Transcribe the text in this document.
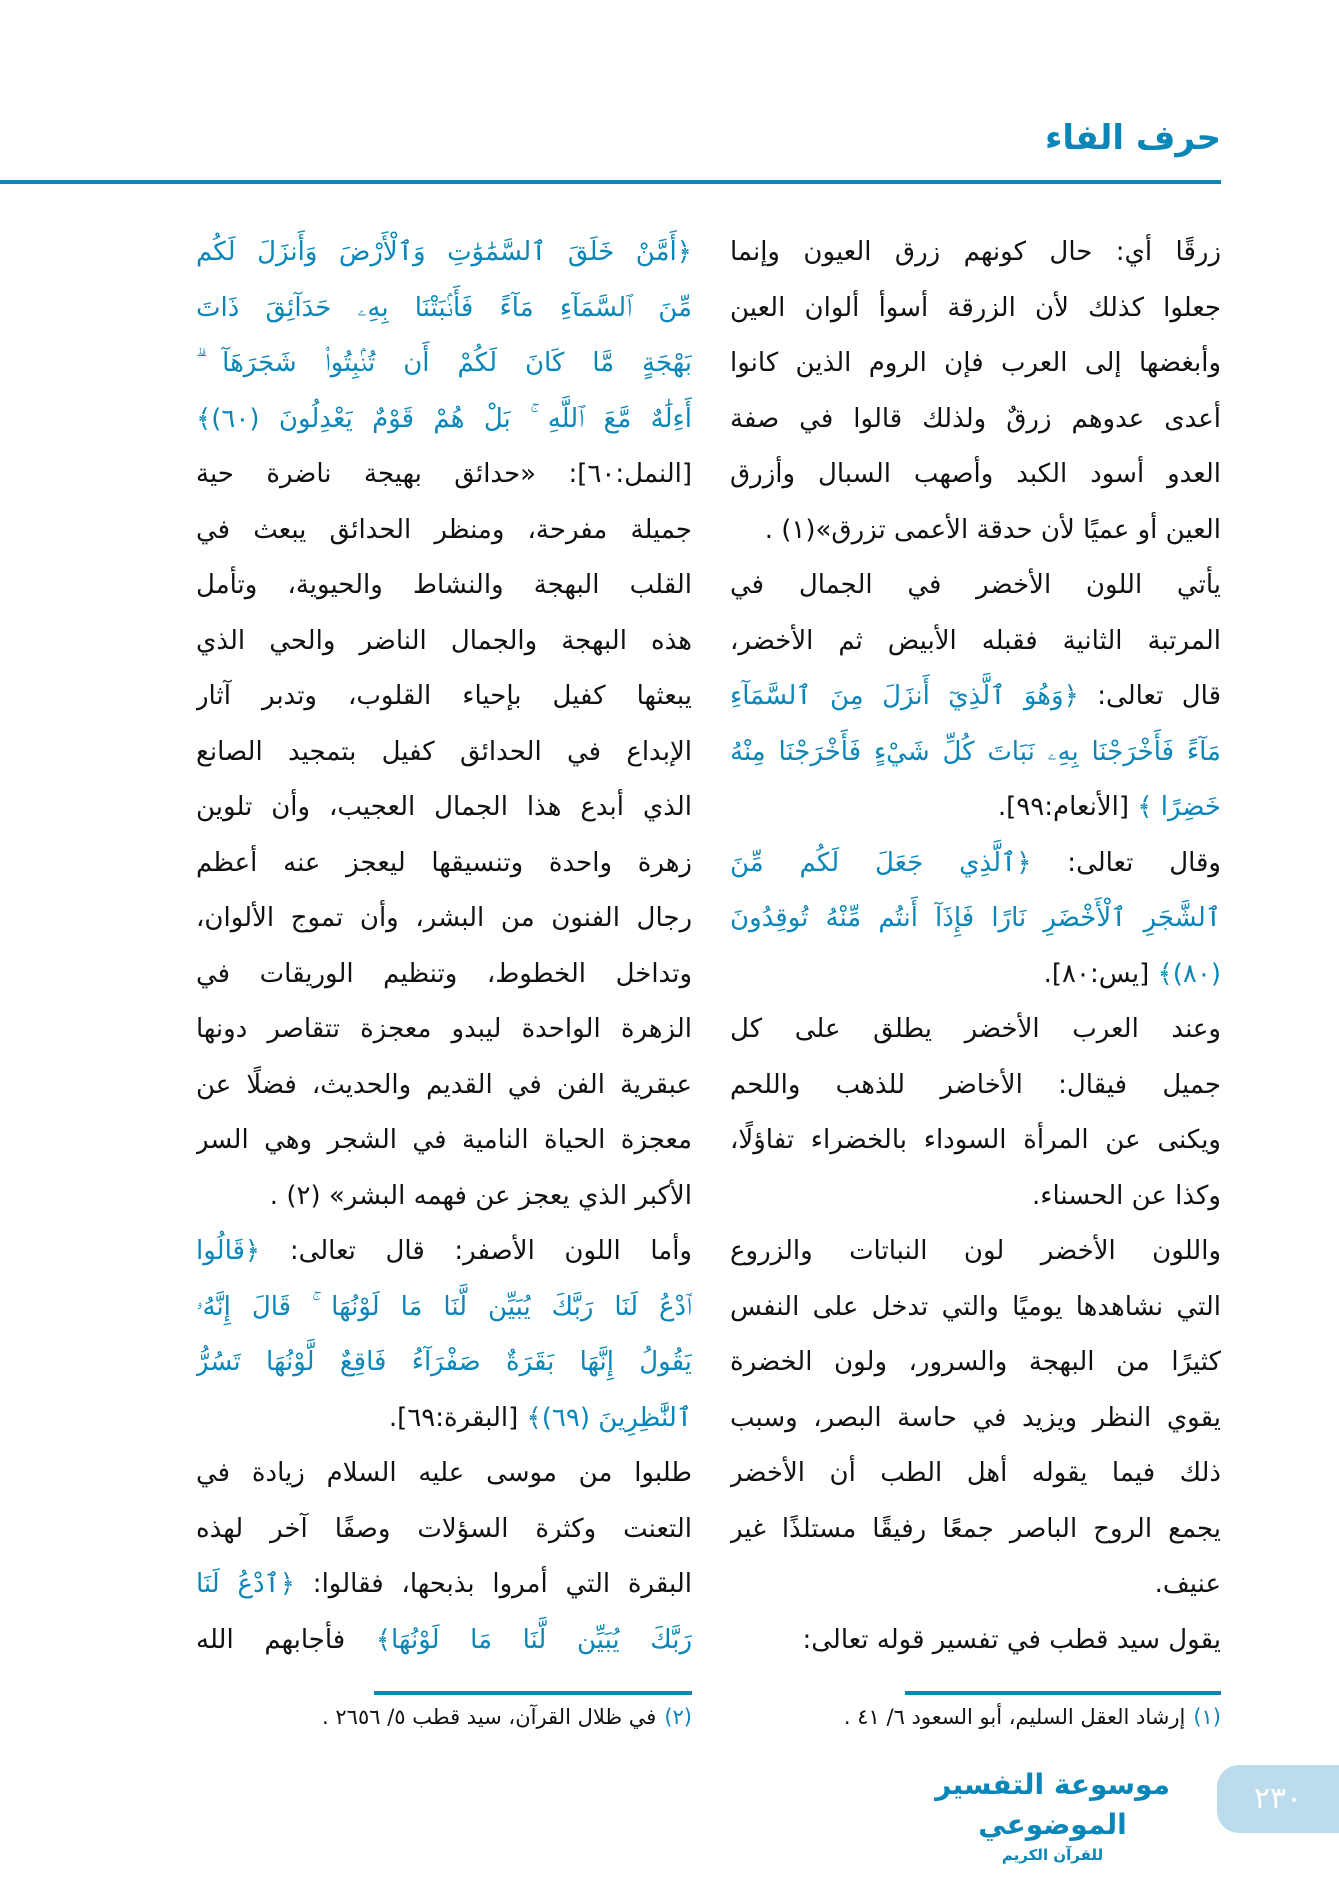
حرف الفاء
زرقًا أي: حال كونهم زرق العيون وإنما
جعلوا كذلك لأن الزرقة أسوأ ألوان العين
وأبغضها إلى العرب فإن الروم الذين كانوا
أعدى عدوهم زرقٌ ولذلك قالوا في صفة
العدو أسود الكبد وأصهب السبال وأزرق
العين أو عميًا لأن حدقة الأعمى تزرق»(١) .
يأتي اللون الأخضر في الجمال في
المرتبة الثانية فقبله الأبيض ثم الأخضر،
قال تعالى: ﴿وَهُوَ ٱلَّذِيٓ أَنزَلَ مِنَ ٱلسَّمَآءِ
مَآءً فَأَخْرَجْنَا بِهِۦ نَبَاتَ كُلِّ شَيْءٍ فَأَخْرَجْنَا مِنْهُ
خَضِرًا ﴾ [الأنعام:٩٩].
وقال تعالى: ﴿ٱلَّذِي جَعَلَ لَكُم مِّنَ
ٱلشَّجَرِ ٱلْأَخْضَرِ نَارًا فَإِذَآ أَنتُم مِّنْهُ تُوقِدُونَ
(٨٠)﴾ [يس:٨٠].
وعند العرب الأخضر يطلق على كل
جميل فيقال: الأخاضر للذهب واللحم
ويكنى عن المرأة السوداء بالخضراء تفاؤلًا،
وكذا عن الحسناء.
واللون الأخضر لون النباتات والزروع
التي نشاهدها يوميًا والتي تدخل على النفس
كثيرًا من البهجة والسرور، ولون الخضرة
يقوي النظر ويزيد في حاسة البصر، وسبب
ذلك فيما يقوله أهل الطب أن الأخضر
يجمع الروح الباصر جمعًا رفيقًا مستلذًا غير
عنيف.
يقول سيد قطب في تفسير قوله تعالى:
﴿أَمَّنْ خَلَقَ ٱلسَّمَٰوَٰتِ وَٱلْأَرْضَ وَأَنزَلَ لَكُم
مِّنَ ٱلسَّمَآءِ مَآءً فَأَنۢبَتْنَا بِهِۦ حَدَآئِقَ ذَاتَ
بَهْجَةٍ مَّا كَانَ لَكُمْ أَن تُنۢبِتُوا۟ شَجَرَهَآ ۗ
أَءِلَٰهٌ مَّعَ ٱللَّهِ ۚ بَلْ هُمْ قَوْمٌ يَعْدِلُونَ (٦٠)﴾
[النمل:٦٠]: «حدائق بهيجة ناضرة حية
جميلة مفرحة، ومنظر الحدائق يبعث في
القلب البهجة والنشاط والحيوية، وتأمل
هذه البهجة والجمال الناضر والحي الذي
يبعثها كفيل بإحياء القلوب، وتدبر آثار
الإبداع في الحدائق كفيل بتمجيد الصانع
الذي أبدع هذا الجمال العجيب، وأن تلوين
زهرة واحدة وتنسيقها ليعجز عنه أعظم
رجال الفنون من البشر، وأن تموج الألوان،
وتداخل الخطوط، وتنظيم الوريقات في
الزهرة الواحدة ليبدو معجزة تتقاصر دونها
عبقرية الفن في القديم والحديث، فضلًا عن
معجزة الحياة النامية في الشجر وهي السر
الأكبر الذي يعجز عن فهمه البشر» (٢) .
وأما اللون الأصفر: قال تعالى: ﴿قَالُوا
ٱدْعُ لَنَا رَبَّكَ يُبَيِّن لَّنَا مَا لَوْنُهَا ۚ قَالَ إِنَّهُۥ
يَقُولُ إِنَّهَا بَقَرَةٌ صَفْرَآءُ فَاقِعٌ لَّوْنُهَا تَسُرُّ
ٱلنَّٰظِرِينَ (٦٩)﴾ [البقرة:٦٩].
طلبوا من موسى عليه السلام زيادة في
التعنت وكثرة السؤلات وصفًا آخر لهذه
البقرة التي أمروا بذبحها، فقالوا: ﴿ٱدْعُ لَنَا
رَبَّكَ يُبَيِّن لَّنَا مَا لَوْنُهَا﴾ فأجابهم الله
(١)إرشاد العقل السليم، أبو السعود ٦/ ٤١ .
(٢)في ظلال القرآن، سيد قطب ٥/ ٢٦٥٦ .
موسوعة التفسير الموضوعي
للقرآن الكريم
٢٣٠
